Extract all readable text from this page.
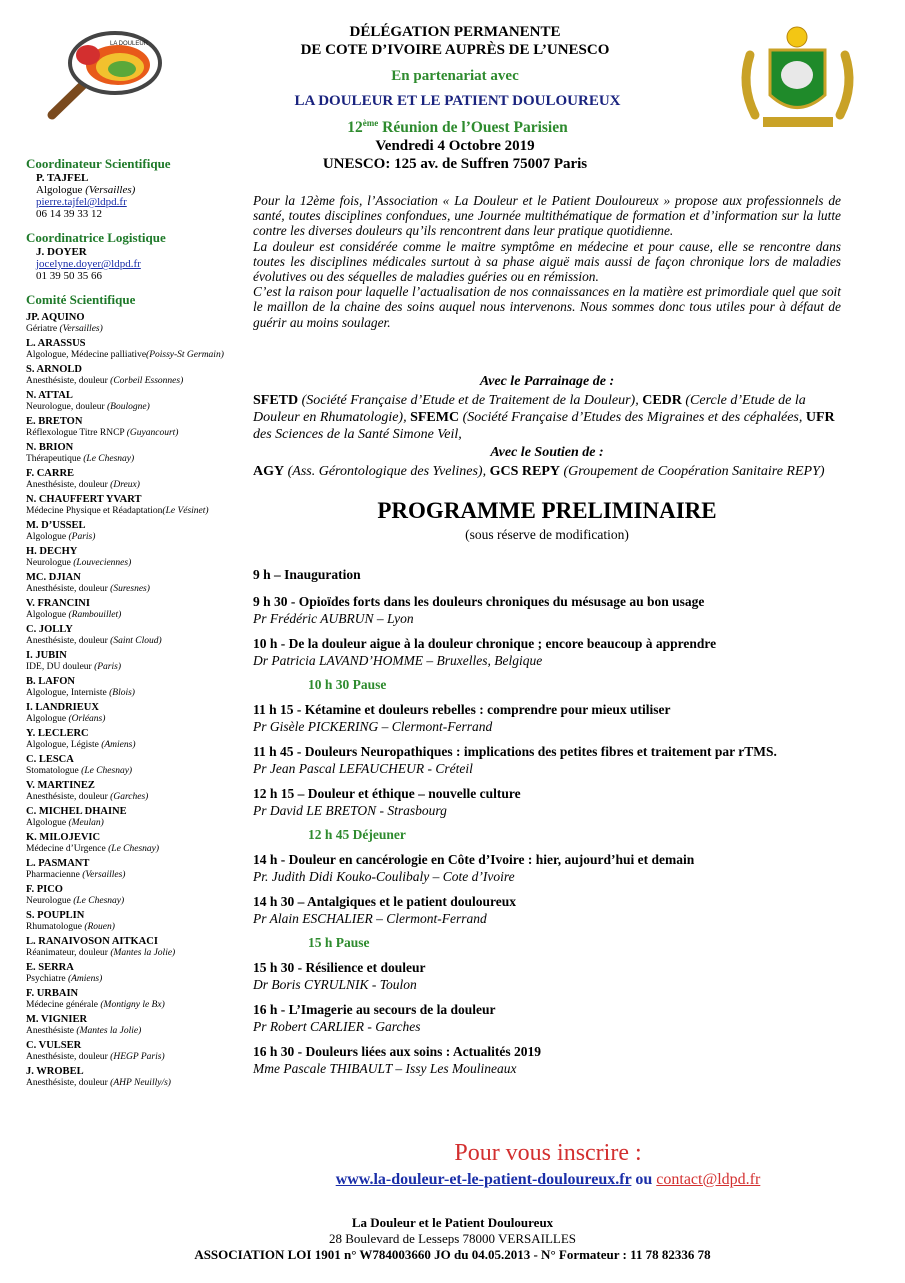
LA DOULEUR
DÉLÉGATION PERMANENTE
DE COTE D’IVOIRE AUPRÈS DE L’UNESCO
En partenariat avec
LA DOULEUR ET LE PATIENT DOULOUREUX
12ème Réunion de l’Ouest Parisien
Vendredi 4 Octobre 2019
UNESCO: 125 av. de Suffren 75007 Paris
Coordinateur Scientifique
P. TAJFEL
Algologue (Versailles)
pierre.tajfel@ldpd.fr
06 14 39 33 12
Coordinatrice Logistique
J. DOYER
jocelyne.doyer@ldpd.fr
01 39 50 35 66
Comité Scientifique
JP. AQUINO
Gériatre (Versailles)
L. ARASSUS
Algologue, Médecine palliative(Poissy-St Germain)
S. ARNOLD
Anesthésiste, douleur (Corbeil Essonnes)
N. ATTAL
Neurologue, douleur (Boulogne)
E. BRETON
Réflexologue Titre RNCP (Guyancourt)
N. BRION
Thérapeutique (Le Chesnay)
F. CARRE
Anesthésiste, douleur (Dreux)
N. CHAUFFERT YVART
Médecine Physique et Réadaptation(Le Vésinet)
M. D’USSEL
Algologue (Paris)
H. DECHY
Neurologue (Louveciennes)
MC. DJIAN
Anesthésiste, douleur (Suresnes)
V. FRANCINI
Algologue (Rambouillet)
C. JOLLY
Anesthésiste, douleur (Saint Cloud)
I. JUBIN
IDE, DU douleur (Paris)
B. LAFON
Algologue, Interniste (Blois)
I. LANDRIEUX
Algologue (Orléans)
Y. LECLERC
Algologue, Légiste (Amiens)
C. LESCA
Stomatologue (Le Chesnay)
V. MARTINEZ
Anesthésiste, douleur (Garches)
C. MICHEL DHAINE
Algologue (Meulan)
K. MILOJEVIC
Médecine d’Urgence (Le Chesnay)
L. PASMANT
Pharmacienne (Versailles)
F. PICO
Neurologue (Le Chesnay)
S. POUPLIN
Rhumatologue (Rouen)
L. RANAIVOSON AITKACI
Réanimateur, douleur (Mantes la Jolie)
E. SERRA
Psychiatre (Amiens)
F. URBAIN
Médecine générale (Montigny le Bx)
M. VIGNIER
Anesthésiste (Mantes la Jolie)
C. VULSER
Anesthésiste, douleur (HEGP Paris)
J. WROBEL
Anesthésiste, douleur (AHP Neuilly/s)

Pour la 12ème fois, l’Association « La Douleur et le Patient Douloureux » propose aux professionnels de santé, toutes disciplines confondues, une Journée multithématique de formation et d’information sur la lutte contre les diverses douleurs qu’ils rencontrent dans leur pratique quotidienne.

La douleur est considérée comme le maitre symptôme en médecine et pour cause, elle se rencontre dans toutes les disciplines médicales surtout à sa phase aiguë mais aussi de façon chronique lors de maladies évolutives ou des séquelles de maladies guéries ou en rémission.

C’est la raison pour laquelle l’actualisation de nos connaissances en la matière est primordiale quel que soit le maillon de la chaine des soins auquel nous intervenons. Nous sommes donc tous utiles pour à défaut de guérir au moins soulager.

Avec le Parrainage de :
SFETD (Société Française d’Etude et de Traitement de la Douleur), CEDR (Cercle d’Etude de la Douleur en Rhumatologie), SFEMC (Société Française d’Etudes des Migraines et des céphalées, UFR des Sciences de la Santé Simone Veil,
Avec le Soutien de :
AGY (Ass. Gérontologique des Yvelines), GCS REPY (Groupement de Coopération Sanitaire REPY)
PROGRAMME PRELIMINAIRE
(sous réserve de modification)
9 h – Inauguration
9 h 30 - Opioïdes forts dans les douleurs chroniques du mésusage au bon usage
Pr Frédéric AUBRUN – Lyon
10 h - De la douleur aigue à la douleur chronique ; encore beaucoup à apprendre
Dr Patricia LAVAND’HOMME – Bruxelles, Belgique
10 h 30 Pause
11 h 15 - Kétamine et douleurs rebelles : comprendre pour mieux utiliser
Pr Gisèle PICKERING – Clermont-Ferrand
11 h 45 - Douleurs Neuropathiques : implications des petites fibres et traitement par rTMS.
Pr Jean Pascal LEFAUCHEUR - Créteil
12 h 15 – Douleur et éthique – nouvelle culture
Pr David LE BRETON - Strasbourg
12 h 45 Déjeuner
14 h - Douleur en cancérologie en Côte d’Ivoire : hier, aujourd’hui et demain
Pr. Judith Didi Kouko-Coulibaly – Cote d’Ivoire
14 h 30 – Antalgiques et le patient douloureux
Pr Alain ESCHALIER – Clermont-Ferrand
15 h Pause
15 h 30 - Résilience et douleur
Dr Boris CYRULNIK - Toulon
16 h - L’Imagerie au secours de la douleur
Pr Robert CARLIER - Garches
16 h 30 - Douleurs liées aux soins : Actualités 2019
Mme Pascale THIBAULT – Issy Les Moulineaux
Pour vous inscrire :
www.la-douleur-et-le-patient-douloureux.fr ou contact@ldpd.fr
La Douleur et le Patient Douloureux
28 Boulevard de Lesseps 78000 VERSAILLES
ASSOCIATION LOI 1901 n° W784003660 JO du 04.05.2013 - N° Formateur : 11 78 82336 78
